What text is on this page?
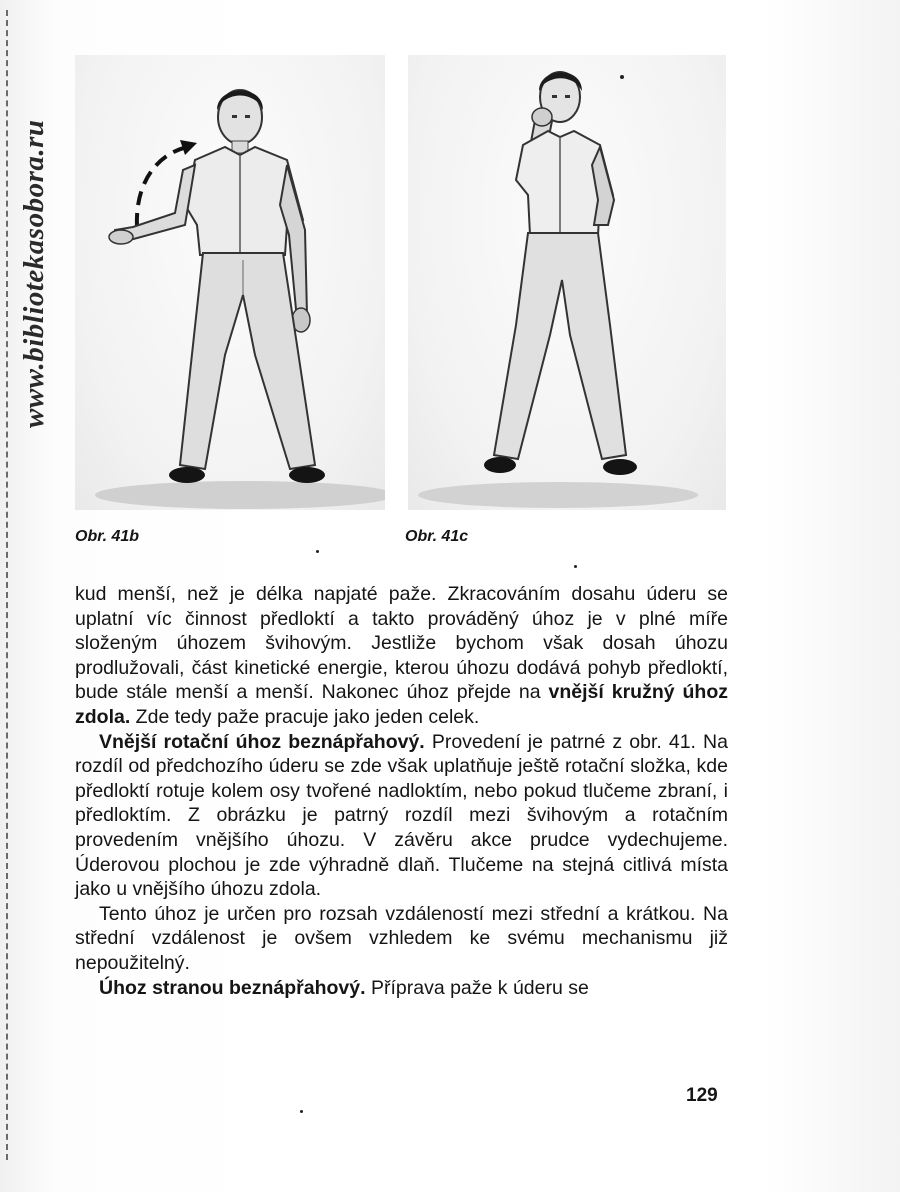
www.bibliotekasobora.ru
Obr. 41b	Obr. 41c

kud menší, než je délka napjaté paže. Zkracováním dosahu úderu se uplatní víc činnost předloktí a takto prováděný úhoz je v plné míře složeným úhozem švihovým. Jestliže bychom však dosah úhozu prodlužovali, část kinetické energie, kterou úhozu dodává pohyb předloktí, bude stále menší a menší. Nakonec úhoz přejde na vnější kružný úhoz zdola. Zde tedy paže pracuje jako jeden celek.

Vnější rotační úhoz beznápřahový. Provedení je patrné z obr. 41. Na rozdíl od předchozího úderu se zde však uplatňuje ještě rotační složka, kde předloktí rotuje kolem osy tvořené nadloktím, nebo pokud tlučeme zbraní, i předloktím. Z obrázku je patrný rozdíl mezi švihovým a rotačním provedením vnějšího úhozu. V závěru akce prudce vydechujeme. Úderovou plochou je zde výhradně dlaň. Tlučeme na stejná citlivá místa jako u vnějšího úhozu zdola.

Tento úhoz je určen pro rozsah vzdáleností mezi střední a krátkou. Na střední vzdálenost je ovšem vzhledem ke svému mechanismu již nepoužitelný.

Úhoz stranou beznápřahový. Příprava paže k úderu se

129
